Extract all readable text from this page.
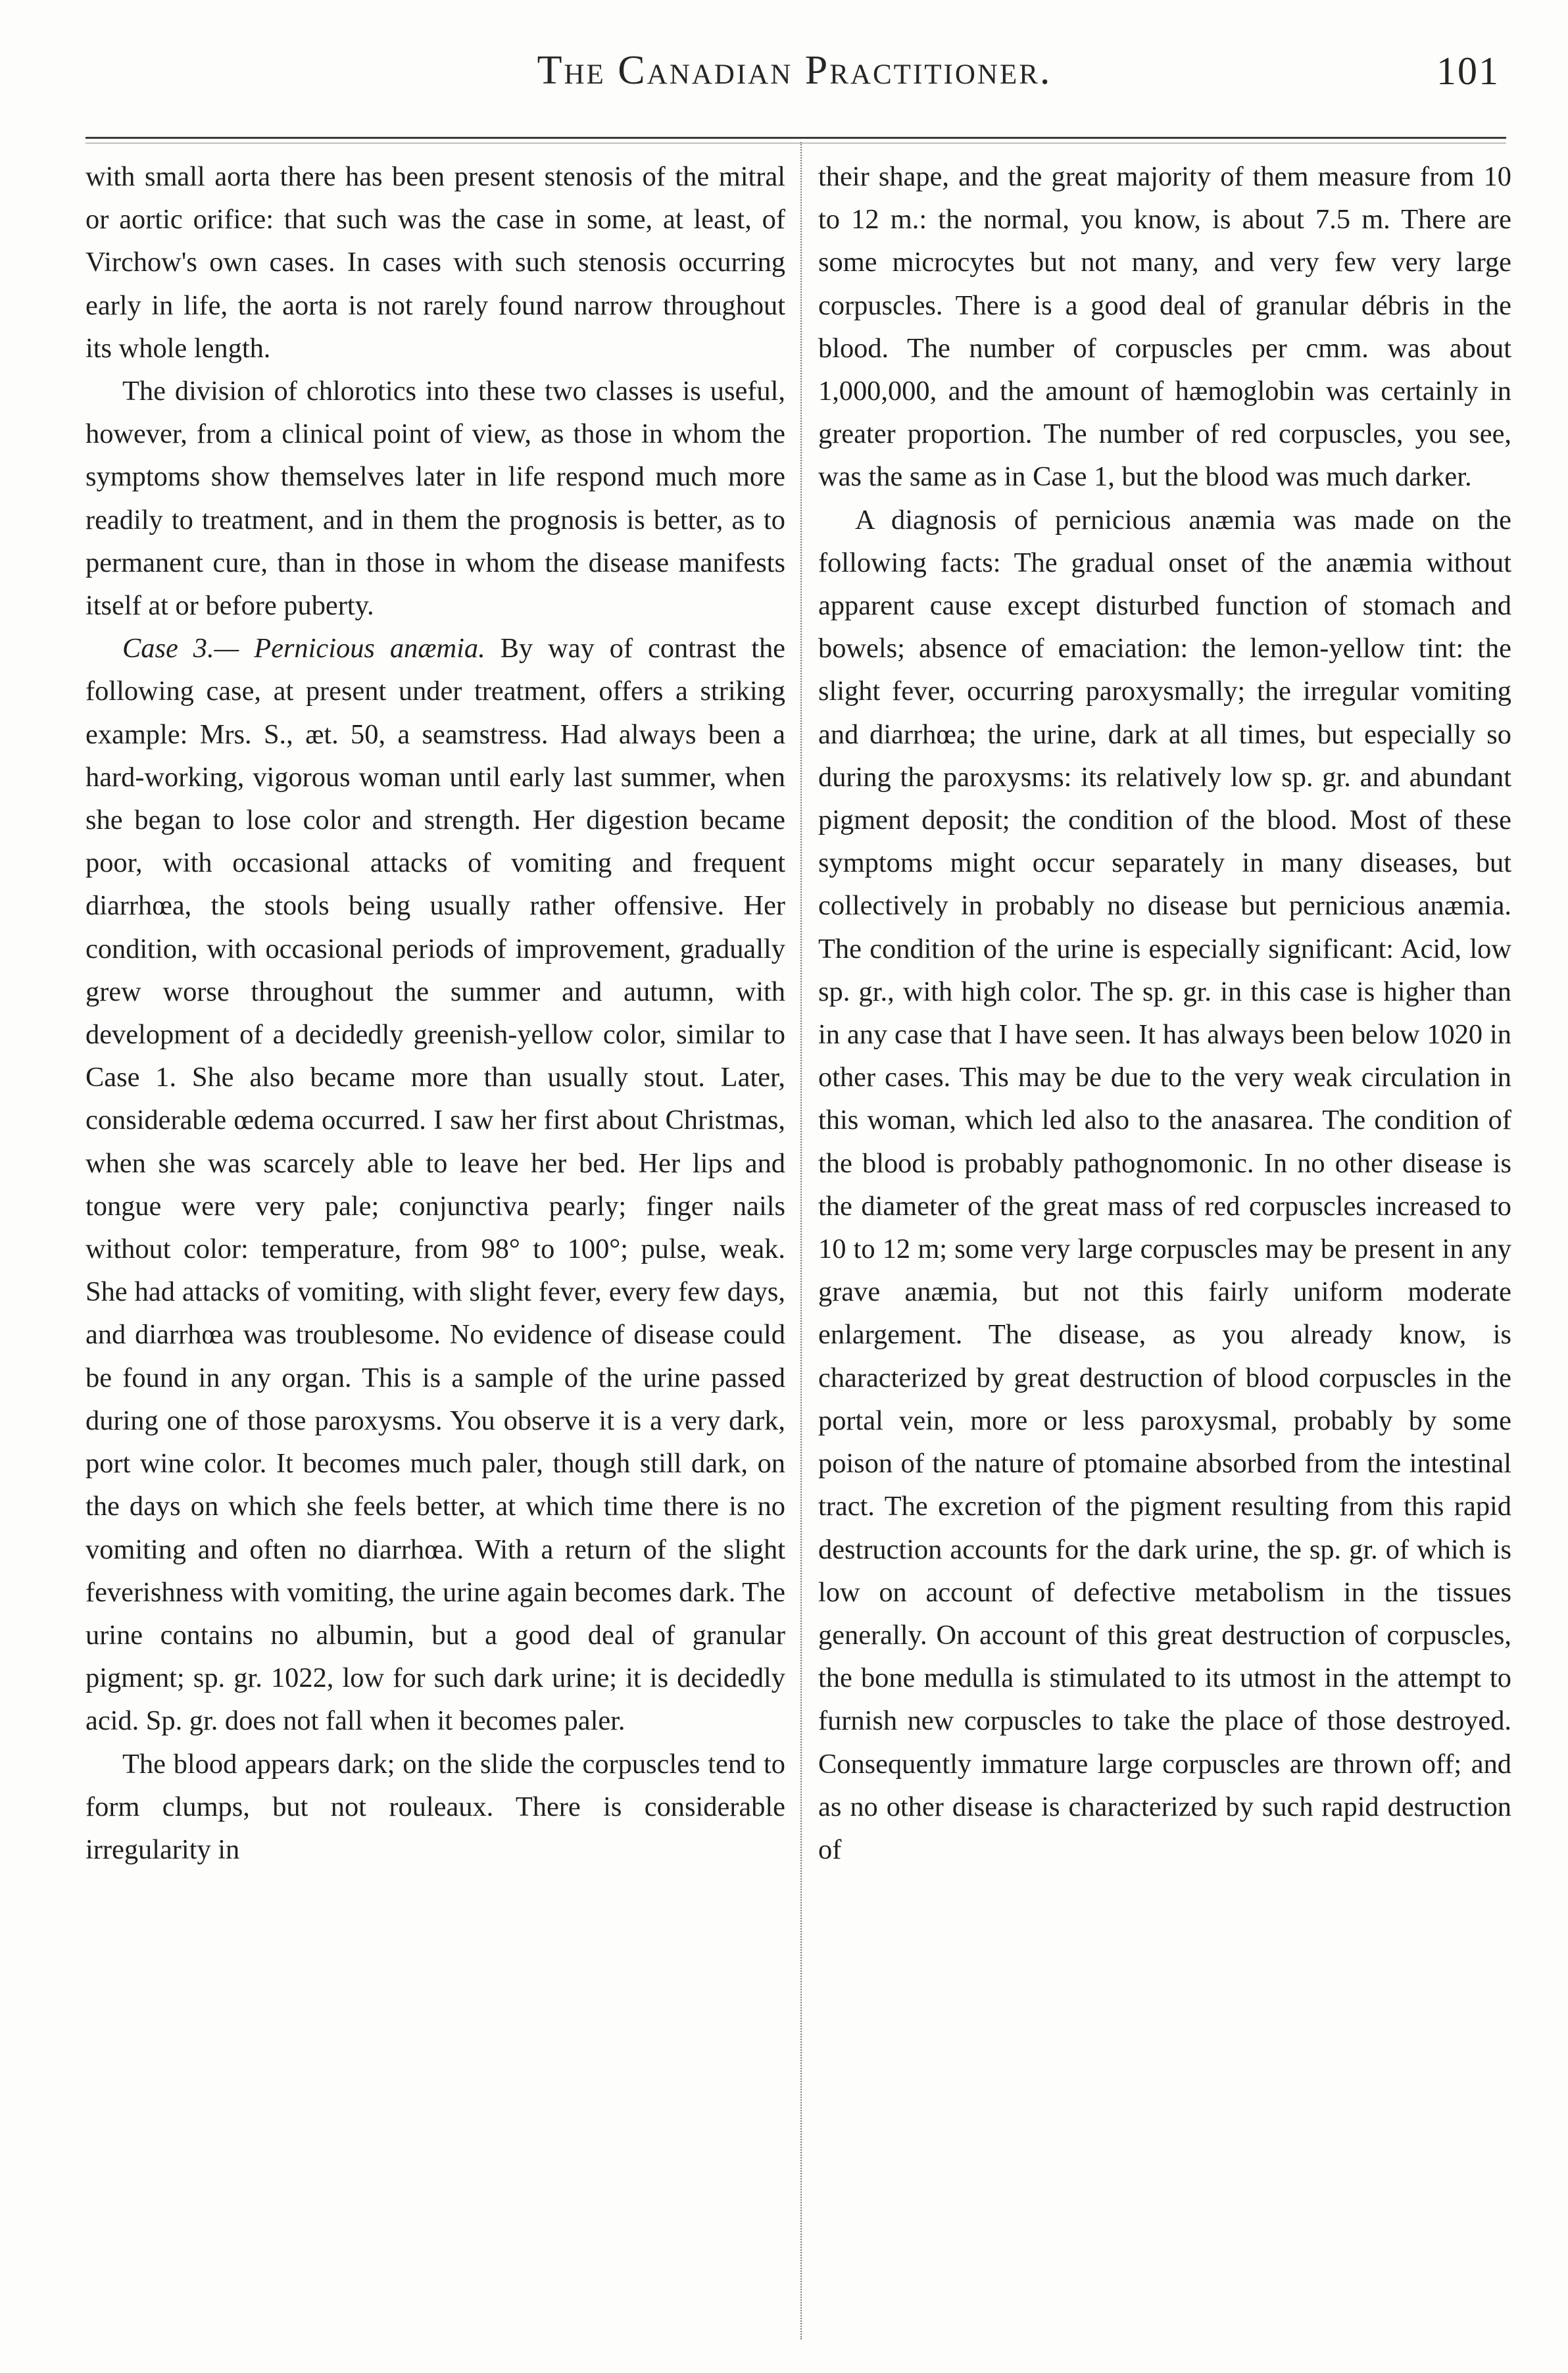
The Canadian Practitioner.	101

with small aorta there has been present stenosis of the mitral or aortic orifice: that such was the case in some, at least, of Virchow's own cases. In cases with such stenosis occurring early in life, the aorta is not rarely found narrow throughout its whole length.

The division of chlorotics into these two classes is useful, however, from a clinical point of view, as those in whom the symptoms show themselves later in life respond much more readily to treatment, and in them the prognosis is better, as to permanent cure, than in those in whom the disease manifests itself at or before puberty.

Case 3.— Pernicious anæmia. By way of contrast the following case, at present under treatment, offers a striking example: Mrs. S., æt. 50, a seamstress. Had always been a hard-working, vigorous woman until early last summer, when she began to lose color and strength. Her digestion became poor, with occasional attacks of vomiting and frequent diarrhœa, the stools being usually rather offensive. Her condition, with occasional periods of improvement, gradually grew worse throughout the summer and autumn, with development of a decidedly greenish-yellow color, similar to Case 1. She also became more than usually stout. Later, considerable œdema occurred. I saw her first about Christmas, when she was scarcely able to leave her bed. Her lips and tongue were very pale; conjunctiva pearly; finger nails without color: temperature, from 98° to 100°; pulse, weak. She had attacks of vomiting, with slight fever, every few days, and diarrhœa was troublesome. No evidence of disease could be found in any organ. This is a sample of the urine passed during one of those paroxysms. You observe it is a very dark, port wine color. It becomes much paler, though still dark, on the days on which she feels better, at which time there is no vomiting and often no diarrhœa. With a return of the slight feverishness with vomiting, the urine again becomes dark. The urine contains no albumin, but a good deal of granular pigment; sp. gr. 1022, low for such dark urine; it is decidedly acid. Sp. gr. does not fall when it becomes paler.

The blood appears dark; on the slide the corpuscles tend to form clumps, but not rouleaux. There is considerable irregularity in

their shape, and the great majority of them measure from 10 to 12 m.: the normal, you know, is about 7.5 m. There are some microcytes but not many, and very few very large corpuscles. There is a good deal of granular débris in the blood. The number of corpuscles per cmm. was about 1,000,000, and the amount of hæmoglobin was certainly in greater proportion. The number of red corpuscles, you see, was the same as in Case 1, but the blood was much darker.

A diagnosis of pernicious anæmia was made on the following facts: The gradual onset of the anæmia without apparent cause except disturbed function of stomach and bowels; absence of emaciation: the lemon-yellow tint: the slight fever, occurring paroxysmally; the irregular vomiting and diarrhœa; the urine, dark at all times, but especially so during the paroxysms: its relatively low sp. gr. and abundant pigment deposit; the condition of the blood. Most of these symptoms might occur separately in many diseases, but collectively in probably no disease but pernicious anæmia. The condition of the urine is especially significant: Acid, low sp. gr., with high color. The sp. gr. in this case is higher than in any case that I have seen. It has always been below 1020 in other cases. This may be due to the very weak circulation in this woman, which led also to the anasarea. The condition of the blood is probably pathognomonic. In no other disease is the diameter of the great mass of red corpuscles increased to 10 to 12 m; some very large corpuscles may be present in any grave anæmia, but not this fairly uniform moderate enlargement. The disease, as you already know, is characterized by great destruction of blood corpuscles in the portal vein, more or less paroxysmal, probably by some poison of the nature of ptomaine absorbed from the intestinal tract. The excretion of the pigment resulting from this rapid destruction accounts for the dark urine, the sp. gr. of which is low on account of defective metabolism in the tissues generally. On account of this great destruction of corpuscles, the bone medulla is stimulated to its utmost in the attempt to furnish new corpuscles to take the place of those destroyed. Consequently immature large corpuscles are thrown off; and as no other disease is characterized by such rapid destruction of
